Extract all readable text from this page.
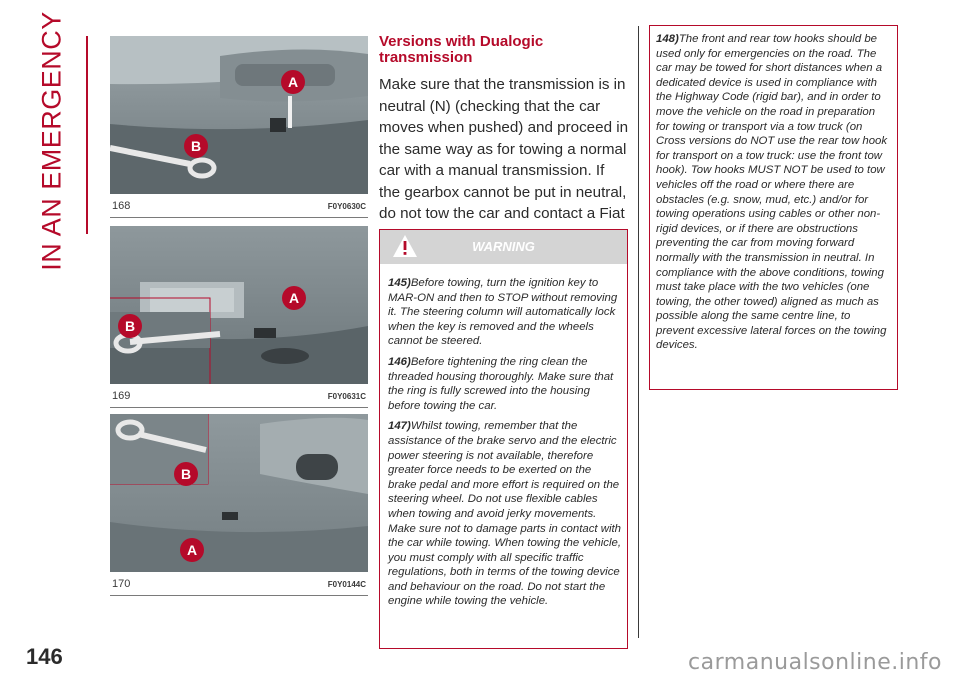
IN AN EMERGENCY	A
B
168	F0Y0630C
A
B
169	F0Y0631C
B
A
170	F0Y0144C
Versions with Dualogic transmission

Make sure that the transmission is in neutral (N) (checking that the car moves when pushed) and proceed in the same way as for towing a normal car with a manual transmission. If the gearbox cannot be put in neutral, do not tow the car and contact a Fiat

WARNING

145)Before towing, turn the ignition key to MAR-ON and then to STOP without removing it. The steering column will automatically lock when the key is removed and the wheels cannot be steered.

146)Before tightening the ring clean the threaded housing thoroughly. Make sure that the ring is fully screwed into the housing before towing the car.

147)Whilst towing, remember that the assistance of the brake servo and the electric power steering is not available, therefore greater force needs to be exerted on the brake pedal and more effort is required on the steering wheel. Do not use flexible cables when towing and avoid jerky movements. Make sure not to damage parts in contact with the car while towing. When towing the vehicle, you must comply with all specific traffic regulations, both in terms of the towing device and behaviour on the road. Do not start the engine while towing the vehicle.

148)The front and rear tow hooks should be used only for emergencies on the road. The car may be towed for short distances when a dedicated device is used in compliance with the Highway Code (rigid bar), and in order to move the vehicle on the road in preparation for towing or transport via a tow truck (on Cross versions do NOT use the rear tow hook for transport on a tow truck: use the front tow hook). Tow hooks MUST NOT be used to tow vehicles off the road or where there are obstacles (e.g. snow, mud, etc.) and/or for towing operations using cables or other non-rigid devices, or if there are obstructions preventing the car from moving forward normally with the transmission in neutral. In compliance with the above conditions, towing must take place with the two vehicles (one towing, the other towed) aligned as much as possible along the same centre line, to prevent excessive lateral forces on the towing devices.

146	carmanualsonline.info
